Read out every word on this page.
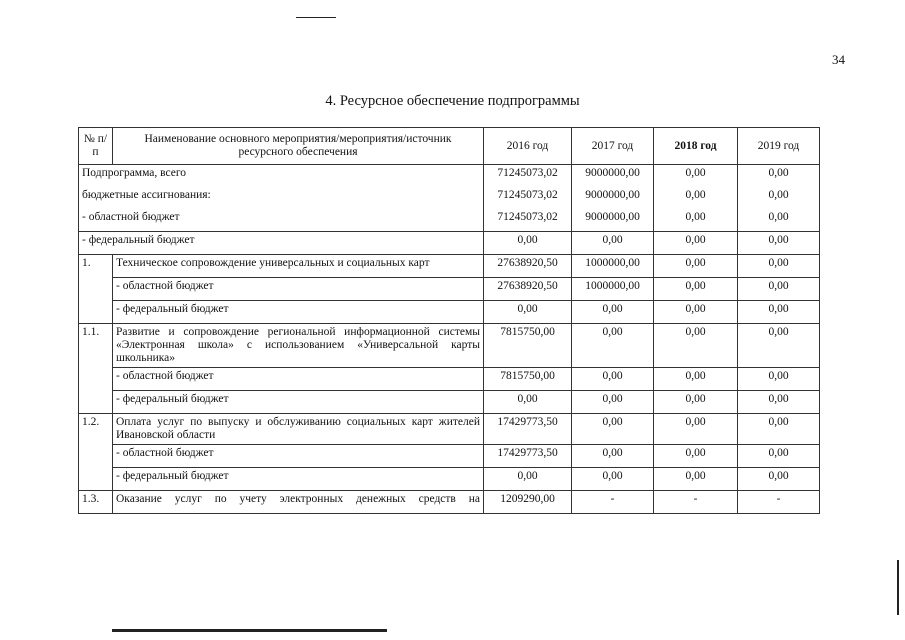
34
4. Ресурсное обеспечение подпрограммы
№ п/п	Наименование основного мероприятия/мероприятия/источник ресурсного обеспечения	2016 год	2017 год	2018 год	2019 год
Подпрограмма, всего		71245073,02	9000000,00	0,00	0,00
бюджетные ассигнования:		71245073,02	9000000,00	0,00	0,00
- областной бюджет		71245073,02	9000000,00	0,00	0,00
- федеральный бюджет		0,00	0,00	0,00	0,00
1.	Техническое сопровождение универсальных и социальных карт	27638920,50	1000000,00	0,00	0,00
	- областной бюджет	27638920,50	1000000,00	0,00	0,00
	- федеральный бюджет	0,00	0,00	0,00	0,00
1.1.	Развитие и сопровождение региональной информационной системы «Электронная школа» с использованием «Универсальной карты школьника»	7815750,00	0,00	0,00	0,00
	- областной бюджет	7815750,00	0,00	0,00	0,00
	- федеральный бюджет	0,00	0,00	0,00	0,00
1.2.	Оплата услуг по выпуску и обслуживанию социальных карт жителей Ивановской области	17429773,50	0,00	0,00	0,00
	- областной бюджет	17429773,50	0,00	0,00	0,00
	- федеральный бюджет	0,00	0,00	0,00	0,00
1.3.	Оказание услуг по учету электронных денежных средств на	1209290,00	-	-	-
